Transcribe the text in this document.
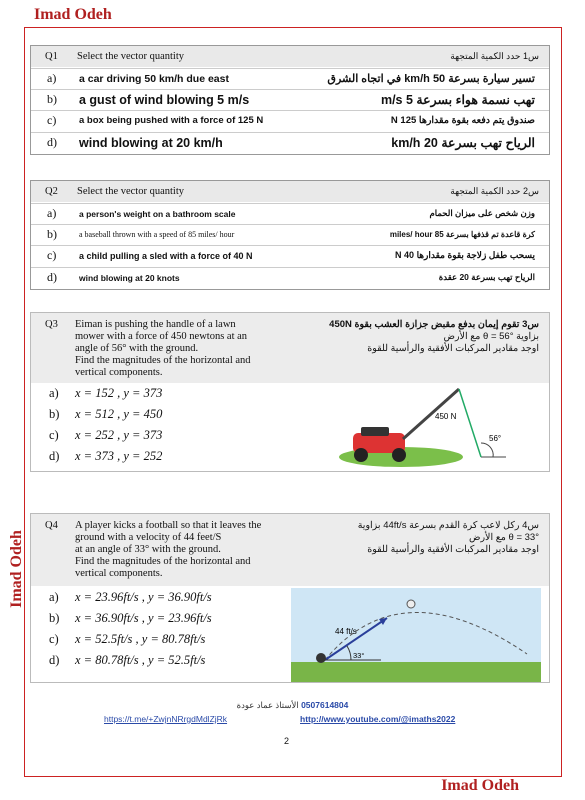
Imad Odeh
Imad Odeh
Imad Odeh
Q1 Select the vector quantity	س1 حدد الكمية المتجهة
a) a car driving 50 km/h due east	تسير سيارة بسرعة 50 km/h في اتجاه الشرق
b) a gust of wind blowing 5 m/s	تهب نسمة هواء بسرعة 5 m/s
c) a box being pushed with a force of 125 N	صندوق يتم دفعه بقوة مقدارها 125 N
d) wind blowing at 20 km/h	الرياح تهب بسرعة 20 km/h
Q2 Select the vector quantity	س2 حدد الكمية المتجهة
a)	a person's weight on a bathroom scale	وزن شخص على ميزان الحمام
b)	a baseball thrown with a speed of 85 miles/ hour	كرة قاعدة تم قذفها بسرعة 85 miles/ hour
c)	a child pulling a sled with a force of 40 N	يسحب طفل زلاجة بقوة مقدارها 40 N
d)	wind blowing at 20 knots	الرياح تهب بسرعة 20 عقدة
Q3 Eiman is pushing the handle of a lawn
mower with a force of 450 newtons at an
angle of 56° with the ground.
Find the magnitudes of the horizontal and
vertical components.
س3 تقوم إيمان بدفع مقبض جزازة العشب بقوة 450N
بزاوية θ = 56° مع الأرض
اوجد مقادير المركبات الأفقية والرأسية للقوة
a) x = 152 , y = 373
b) x = 512 , y = 450
c) x = 252 , y = 373
d) x = 373 , y = 252
450 N
56°
Q4 A player kicks a football so that it leaves the
ground with a velocity of 44 feet/S
at an angle of 33° with the ground.
Find the magnitudes of the horizontal and
vertical components.
س4 ركل لاعب كرة القدم بسرعة 44ft/s بزاوية
θ = 33° مع الأرض
اوجد مقادير المركبات الأفقية والرأسية للقوة
a) x = 23.96ft/s , y = 36.90ft/s
b) x = 36.90ft/s , y = 23.96ft/s
c) x = 52.5ft/s , y = 80.78ft/s
d) x = 80.78ft/s , y = 52.5ft/s
44 ft/s
33°
0507614804 الأستاذ عماد عودة
https://t.me/+ZwjnNRrgdMdlZjRk	http://www.youtube.com/@imaths2022
2
